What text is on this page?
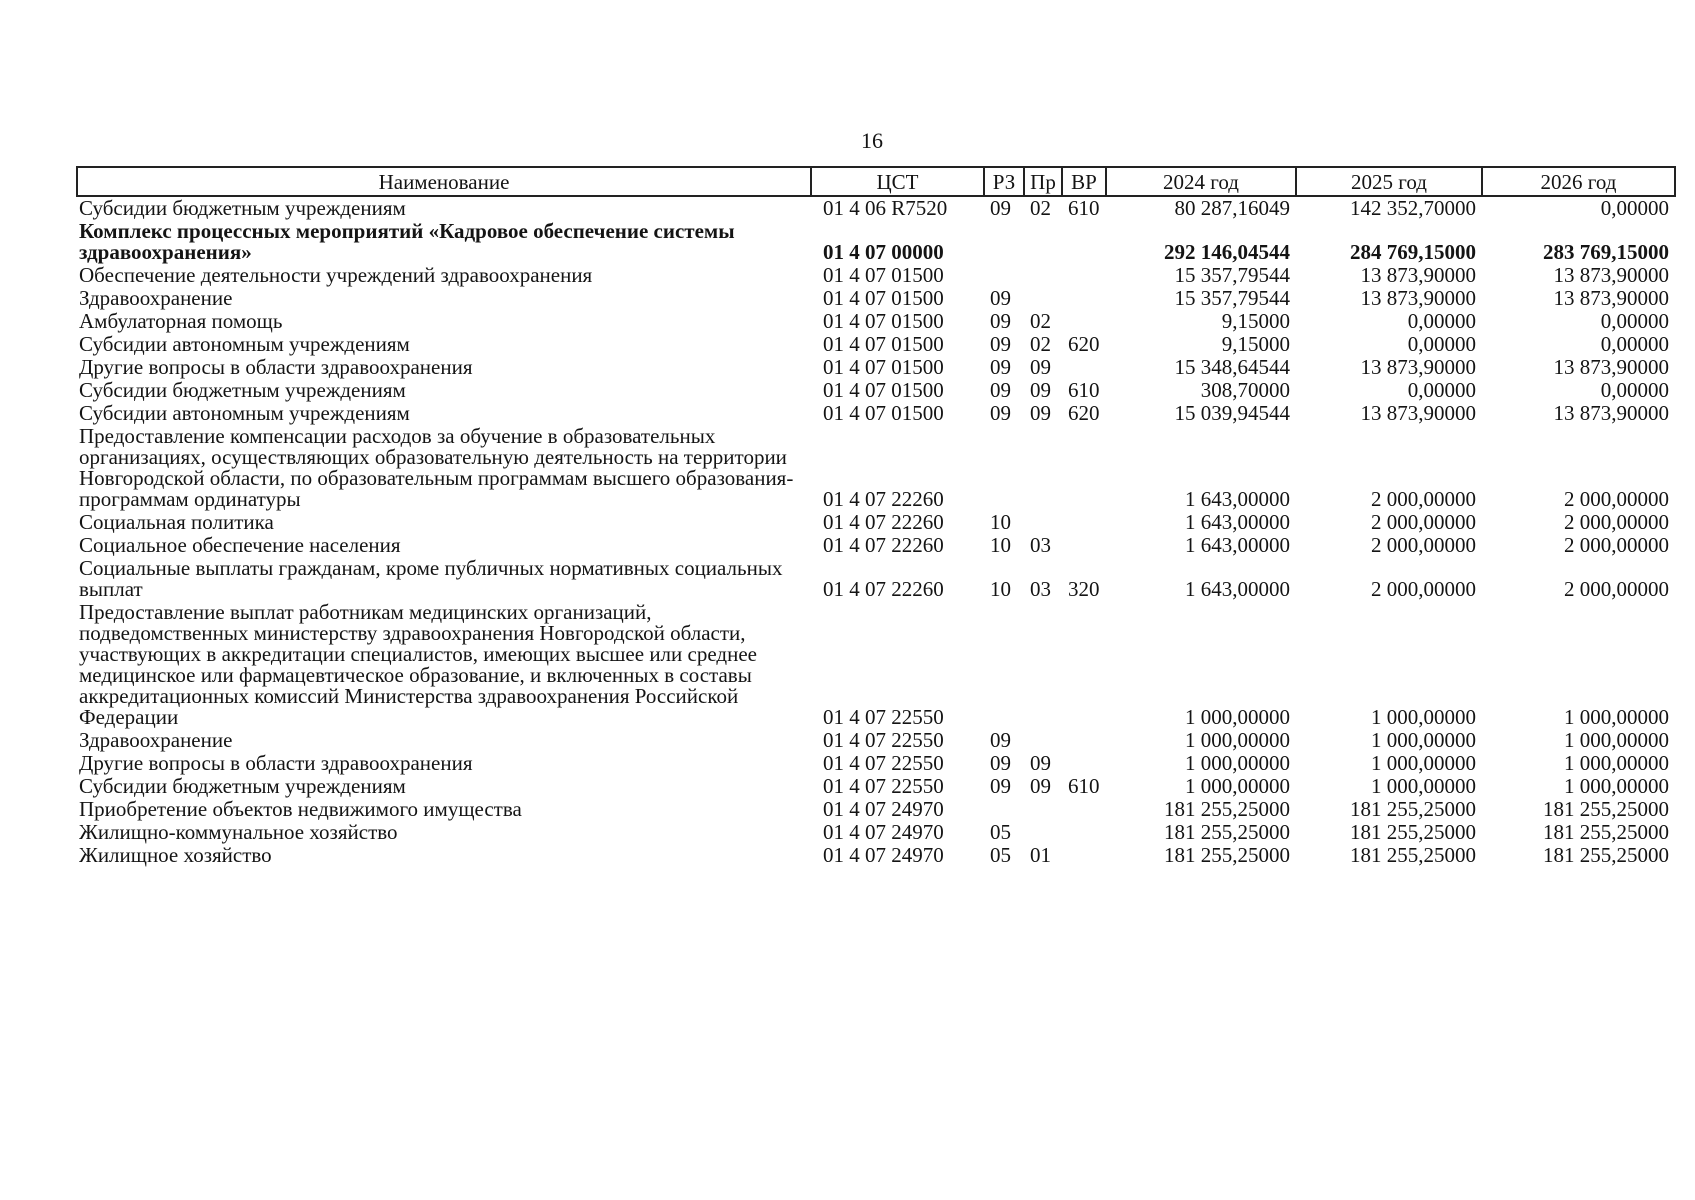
16
Наименование	ЦСТ	РЗ	Пр	ВР	2024 год	2025 год	2026 год
Субсидии бюджетным учреждениям	01 4 06 R7520	09	02	610	80 287,16049	142 352,70000	0,00000
Комплекс процессных мероприятий «Кадровое обеспечение системы здравоохранения»	01 4 07 00000				292 146,04544	284 769,15000	283 769,15000
Обеспечение деятельности учреждений здравоохранения	01 4 07 01500				15 357,79544	13 873,90000	13 873,90000
Здравоохранение	01 4 07 01500	09			15 357,79544	13 873,90000	13 873,90000
Амбулаторная помощь	01 4 07 01500	09	02		9,15000	0,00000	0,00000
Субсидии автономным учреждениям	01 4 07 01500	09	02	620	9,15000	0,00000	0,00000
Другие вопросы в области здравоохранения	01 4 07 01500	09	09		15 348,64544	13 873,90000	13 873,90000
Субсидии бюджетным учреждениям	01 4 07 01500	09	09	610	308,70000	0,00000	0,00000
Субсидии автономным учреждениям	01 4 07 01500	09	09	620	15 039,94544	13 873,90000	13 873,90000
Предоставление компенсации расходов за обучение в образовательных организациях, осуществляющих образовательную деятельность на территории Новгородской области, по образовательным программам высшего образования-программам ординатуры	01 4 07 22260				1 643,00000	2 000,00000	2 000,00000
Социальная политика	01 4 07 22260	10			1 643,00000	2 000,00000	2 000,00000
Социальное обеспечение населения	01 4 07 22260	10	03		1 643,00000	2 000,00000	2 000,00000
Социальные выплаты гражданам, кроме публичных нормативных социальных выплат	01 4 07 22260	10	03	320	1 643,00000	2 000,00000	2 000,00000
Предоставление выплат работникам медицинских организаций, подведомственных министерству здравоохранения Новгородской области, участвующих в аккредитации специалистов, имеющих высшее или среднее медицинское или фармацевтическое образование, и включенных в составы аккредитационных комиссий Министерства здравоохранения Российской Федерации	01 4 07 22550				1 000,00000	1 000,00000	1 000,00000
Здравоохранение	01 4 07 22550	09			1 000,00000	1 000,00000	1 000,00000
Другие вопросы в области здравоохранения	01 4 07 22550	09	09		1 000,00000	1 000,00000	1 000,00000
Субсидии бюджетным учреждениям	01 4 07 22550	09	09	610	1 000,00000	1 000,00000	1 000,00000
Приобретение объектов недвижимого имущества	01 4 07 24970				181 255,25000	181 255,25000	181 255,25000
Жилищно-коммунальное хозяйство	01 4 07 24970	05			181 255,25000	181 255,25000	181 255,25000
Жилищное хозяйство	01 4 07 24970	05	01		181 255,25000	181 255,25000	181 255,25000
